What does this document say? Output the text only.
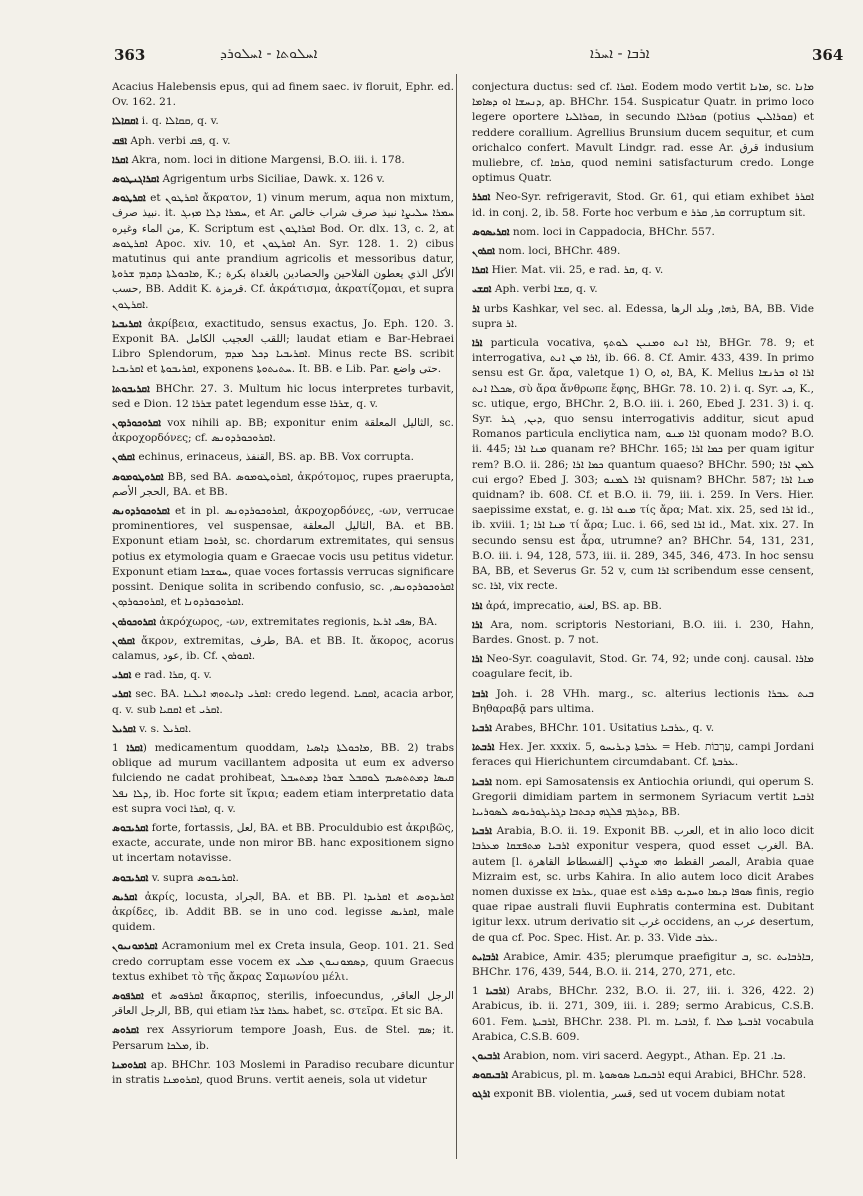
363	ܐܚܠܘܬܐ - ܐܚܠܘܪܕ	ܐܪܒܐ - ܐܚܪܐ	364

Acacius Halebensis epus, qui ad finem saec. iv floruit, Ephr. ed. Ov. 162. 21.

ܐܩܩܐܠܐ i. q. ܩܩܐܠܐ, q. v.

ܐܦܩ Aph. verbi ܦܩ, q. v.

ܐܩܪܐ Akra, nom. loci in ditione Margensi, B.O. iii. i. 178.

ܐܩܪܐܓܢܛܘܣ Agrigentum urbs Siciliae, Dawk. x. 126 v.

ܐܩܪܛܘܣ et ܐܩܪܛܘܢ ἄκρατον, 1) vinum merum, aqua non mixtum, نبيذ صرف. it. ܚܡܪܐ ܕܠܐ ܡܙܝܓ, et Ar. ܚܡܪܐ ܚܠܝܨܐ نبيذ صرف شراب خالص من الماء وغيره, K. Scriptum est ܐܩܪܐܛܘܢ Bod. Or. dlx. 13, c. 2, at ܐܩܪܛܘܣ Apoc. xiv. 10, et ܐܩܪܛܘܢ An. Syr. 128. 1. 2) cibus matutinus qui ante prandium agricolis et messoribus datur, ܡܐܟܘܠܬܐ ܕܩܕܡ ܫܪܘܬܐ, K.; الأكل الذي يعطون الفلاحين والحصادين بالغداة بكرة حسب, BB. Addit K. قرمزة. Cf. ἀκράτισμα, ἀκρατίζομαι, et supra ܐܩܪܛܘܢ.

ܐܩܪܝܒܝܐ ἀκρίβεια, exactitudo, sensus exactus, Jo. Eph. 120. 3. Exponit BA. اللقب العجيب الكامل; laudat etiam e Bar-Hebraei Libro Splendorum, ܐܩܪܝܒܝܐ ܕܟܠ ܡܕܡ. Minus recte BS. scribit ܐܩܪܝܒܝܐ et ܐܩܪܝܒܘܬܐ, exponens ܚܬܝܬܘܬܐ. It. BB. e Lib. Par. حتى واضع.

ܐܩܪܝܒܘܬܐ BHChr. 27. 3. Multum hic locus interpretes turbavit, sed e Dion. ܫܪܪܐ 12 patet legendum esse ܫܪܪܐ, q. v.

ܐܩܪܘܟܘܪܕܘܢ vox nihili ap. BB; exponitur enim الثاليل المعلقة, sc. ἀκροχορδόνες; cf. ܐܩܪܘܟܘܪܕܘܢܣ.

ܐܩܪܘܢ echinus, erinaceus, القنفذ, BS. ap. BB. Vox corrupta.

ܐܩܪܘܛܘܡܘܣ BB, sed BA. ܐܩܪܘܛܘܡܘܣ, ἀκρότομος, rupes praerupta, الحجر الأصم, BA. et BB.

ܐܩܪܘܟܘܪܕܘܢܣ et in pl. ܐܩܪܘܟܘܪܕܘܢܣ, ἀκροχορδόνες, -ων, verrucae prominentiores, vel suspensae, الثاليل المعلقة, BA. et BB. Exponunt etiam ܐܪܘܒܐ, sc. chordarum extremitates, qui sensus potius ex etymologia quam e Graecae vocis usu petitus videtur. Exponunt etiam ܚܘܫܟܐ, quae voces fortassis verrucas significare possint. Denique solita in scribendo confusio, sc. ܐܩܪܘܟܘܪܕܘܢܣ, ܐܩܪܘܟܘܪܕܘܢ, et ܐܩܪܘܟܘܪܕܘܢܐ.

ܐܩܪܘܟܘܪܘܢ ἀκρόχωρος, -ων, extremitates regionis, ܣܦܝ ܐܪܥܐ, BA.

ܐܩܪܘܢ ἄκρον, extremitas, طرف, BA. et BB. It. ἄκορος, acorus calamus, عود, ib. Cf. ܐܩܘܪܘܢ.

ܐܩܪܝ e rad. ܩܪܐ, q. v.

ܐܩܪܝ sec. BA. ܐܩܪܝ ܕܐܝܬܘܗܝ ܐܝܠܢܐ: credo legend. ܐܩܩܝܐ, acacia arbor, q. v. sub ܐܩܩܝܐ et ܐܩܪܝ.

ܐܩܪܝܠ v. s. ܐܩܪܝܠ.

ܐܩܪܐ 1) medicamentum quoddam, ܡܐܟܘܠܬܐ ܕܐܣܝܐ, BB. 2) trabs oblique ad murum vacillantem adposita ut eum ex adverso fulciendo ne cadat prohibeat, ܩܝܣܐ ܕܡܬܬܣܝܡ ܠܘܩܒܠ ܫܘܪܐ ܕܡܬܚܒܠ ܕܠܐ ܢܦܠ, ib. Hoc forte sit ἴκρια; eadem etiam interpretatio data est supra voci ܐܩܪܐ, q. v.

ܐܩܪܝܒܘܣ forte, fortassis, لعل, BA. et BB. Proculdubio est ἀκριβῶς, exacte, accurate, unde non miror BB. hanc expositionem signo ut incertam notavisse.

ܐܩܪܝܒܘܣ v. supra ܐܩܪܝܒܘܣ.

ܐܩܪܝܣ ἀκρίς, locusta, الجراد, BA. et BB. Pl. ܐܩܪܝܕܐ et ܐܩܪܝܕܘܣ ἀκρίδες, ib. Addit BB. se in uno cod. legisse ܐܩܪܝܣ, male quidem.

ܐܩܪܡܘܢܝܘܢ Acramonium mel ex Creta insula, Geop. 101. 21. Sed credo corruptam esse vocem ex ܕܣܡܘܢܝܘܢ ܡܠܝ, quum Graecus textus exhibet τὸ τῆς ἄκρας Σαμωνίου μέλι.

ܐܩܪܦܘܣ et ܐܩܪܦܘܣ ἄκαρπος, sterilis, infoecundus, الرجل العاقر, الرجل العاقر, BB, qui etiam ܥܩܪܐ ܫܪܐ habet, sc. στεῖρα. Et sic BA.

ܐܩܪܘܣ rex Assyriorum tempore Joash, Eus. de Stel. ܣܡ; it. Persarum ܡܠܟܐ, ib.

ܐܩܪܘܡܢܐ ap. BHChr. 103 Moslemi in Paradiso recubare dicuntur in stratis ܐܩܪܘܡܢܐ, quod Bruns. vertit aeneis, sola ut videtur

conjectura ductus: sed cf. ܐܩܪܐ. Eodem modo vertit ܡܐܢܐ, sc. ܡܐܢܐ ܕܢܚܫܐ ܐܘ ܕܣܐܡܐ, ap. BHChr. 154. Suspicatur Quatr. in primo loco legere oportere ܩܘܪܐܠܝܐ, in secundo ܩܘܪܐܠܐ (potius ܩܘܪܐܠܝܢ) et reddere corallium. Agrellius Brunsium ducem sequitur, et cum orichalco confert. Mavult Lindgr. rad. esse Ar. قرق indusium muliebre, cf. ܩܪܩܐ, quod nemini satisfacturum credo. Longe optimus Quatr.

ܐܩܪܪ Neo-Syr. refrigeravit, Stod. Gr. 61, qui etiam exhibet ܐܩܪܪ id. in conj. 2, ib. 58. Forte hoc verbum e ܩܪ, ܩܪܪ corruptum sit.

ܐܩܪܝܣܘܣ nom. loci in Cappadocia, BHChr. 557.

ܐܩܪܘܢ nom. loci, BHChr. 489.

ܐܩܪܐ Hier. Mat. vii. 25, e rad. ܩܪ, q. v.

ܐܩܫܝ Aph. verbi ܩܫܐ, q. v.

ܐܪ urbs Kashkar, vel sec. al. Edessa, ܪܗܐ, وبلد الرها, BA, BB. Vide supra ܐܪ.

ܐܪܐ particula vocativa, ܐܪܐ ܐܢܬ ܘܡܢܝܢ ܠܘܬܟ, BHGr. 78. 9; et interrogativa, ܐܪܐ ܡܢ ܐܢܬ, ib. 66. 8. Cf. Amir. 433, 439. In primo sensu est Gr. ἄρα, valetque 1) O, ܐܘ, BA, K. Melius ܐܪܐ ܐܘ ܒܪܢܫܐ ܣܟܠܐ ܐܢܬ, σὺ ἄρα ἄνθρωπε ἔφης, BHGr. 78. 10. 2) i. q. Syr. ܟܝ, K., sc. utique, ergo, BHChr. 2, B.O. iii. i. 260, Ebed J. 231. 3) i. q. Syr. ܕܝܢ, ܓܝܪ, quo sensu interrogativis additur, sicut apud Romanos particula encliytica nam, ܐܪܐ ܡܢܘ quonam modo? B.O. ii. 445; ܡܢܐ ܐܪܐ quanam re? BHChr. 165; ܟܡܐ ܐܪܐ per quam igitur rem? B.O. ii. 286; ܟܡܐ ܐܪܐ quantum quaeso? BHChr. 590; ܠܡܢ ܐܪܐ cui ergo? Ebed J. 303; ܐܪܐ ܠܡܢܘ quisnam? BHChr. 587; ܡܢܐ ܐܪܐ quidnam? ib. 608. Cf. et B.O. ii. 79, iii. i. 259. In Vers. Hier. saepissime exstat, e. g. ܡܢܘ ܐܪܐ τίς ἄρα; Mat. xix. 25, sed ܐܪܐ id., ib. xviii. 1; ܡܢܐ ܐܪܐ τί ἄρα; Luc. i. 66, sed ܐܪܐ id., Mat. xix. 27. In secundo sensu est ἆρα, utrumne? an? BHChr. 54, 131, 231, B.O. iii. i. 94, 128, 573, iii. ii. 289, 345, 346, 473. In hoc sensu BA, BB, et Severus Gr. 52 v, cum ܐܪܐ scribendum esse censent, sc. ܐܪܐ, vix recte.

ܐܪܐ ἀρά, imprecatio, لعنة, BS. ap. BB.

ܐܪܐ Ara, nom. scriptoris Nestoriani, B.O. iii. i. 230, Hahn, Bardes. Gnost. p. 7 not.

ܐܪܐ Neo-Syr. coagulavit, Stod. Gr. 74, 92; unde conj. causal. ܡܐܪܐ coagulare fecit, ib.

ܐܪܒܐ Joh. i. 28 VHh. marg., sc. alterius lectionis ܒܝܬ ܥܒܪܐ Βηθαραβᾷ pars ultima.

ܐܪܒܝܐ Arabes, BHChr. 101. Usitatius ܥܪܒܝܐ, q. v.

ܐܪܒܬܐ Hex. Jer. xxxix. 5, ܥܪܒܬܐ ܕܝܪܝܚܘ = Heb. עַרְבוֹת, campi Jordani feraces qui Hierichuntem circumdabant. Cf. ܥܪܒܬܐ.

ܐܪܒܝܐ nom. epi Samosatensis ex Antiochia oriundi, qui operum S. Gregorii dimidiam partem in sermonem Syriacum vertit ܐܪܒܝܐ ܕܬܪܓܡ ܦܠܓܗ ܕܟܬܒܐ ܕܓܪܝܓܘܪܝܘܣ ܠܣܘܪܝܝܐ, BB.

ܐܪܒܝܐ Arabia, B.O. ii. 19. Exponit BB. العرب, et in alio loco dicit ܐܪܒܝܐ ܡܬܦܫܩܐ ܡܥܪܒܐ exponitur vespera, quod esset الغرب. BA. autem [l. الفسطاط القاهرة] المصر القطط ܘܗܝ ܡܨܪܝܢ, Arabia quae Mizraim est, sc. urbs Kahira. In alio autem loco dicit Arabes nomen duxisse ex ܥܪܒܐ, quae est ܣܘܦܐ ܕܝܡܐ ܘܚܕܝܘ ܕܦܪܬ finis, regio quae ripae australi fluvii Euphratis contermina est. Dubitant igitur lexx. utrum derivatio sit غرب occidens, an عرب desertum, de qua cf. Poc. Spec. Hist. Ar. p. 33. Vide ܥܪܒ.

ܐܪܒܐܝܬ Arabice, Amir. 435; plerumque praefigitur ܒ, sc. ܒܐܪܒܐܝܬ, BHChr. 176, 439, 544, B.O. ii. 214, 270, 271, etc.

ܐܪܒܝܐ 1) Arabs, BHChr. 232, B.O. ii. 27, iii. i. 326, 422. 2) Arabicus, ib. ii. 271, 309, iii. i. 289; sermo Arabicus, C.S.B. 601. Fem. ܐܪܒܝܬܐ, BHChr. 238. Pl. m. ܐܪܒܝܐ, f. ܐܪܒܝܬܐ ܡܠܐ vocabula Arabica, C.S.B. 609.

ܐܪܒܝܘܢ Arabion, nom. viri sacerd. Aegypt., Athan. Ep. ܟܐ. 21.

ܐܪܒܝܩܘܣ Arabicus, pl. m. ܐܪܒܝܩܝܐ ܣܘܣܘܬܐ equi Arabici, BHChr. 528.

ܐܪܓܘ exponit BB. violentia, قسر, sed ut vocem dubiam notat
